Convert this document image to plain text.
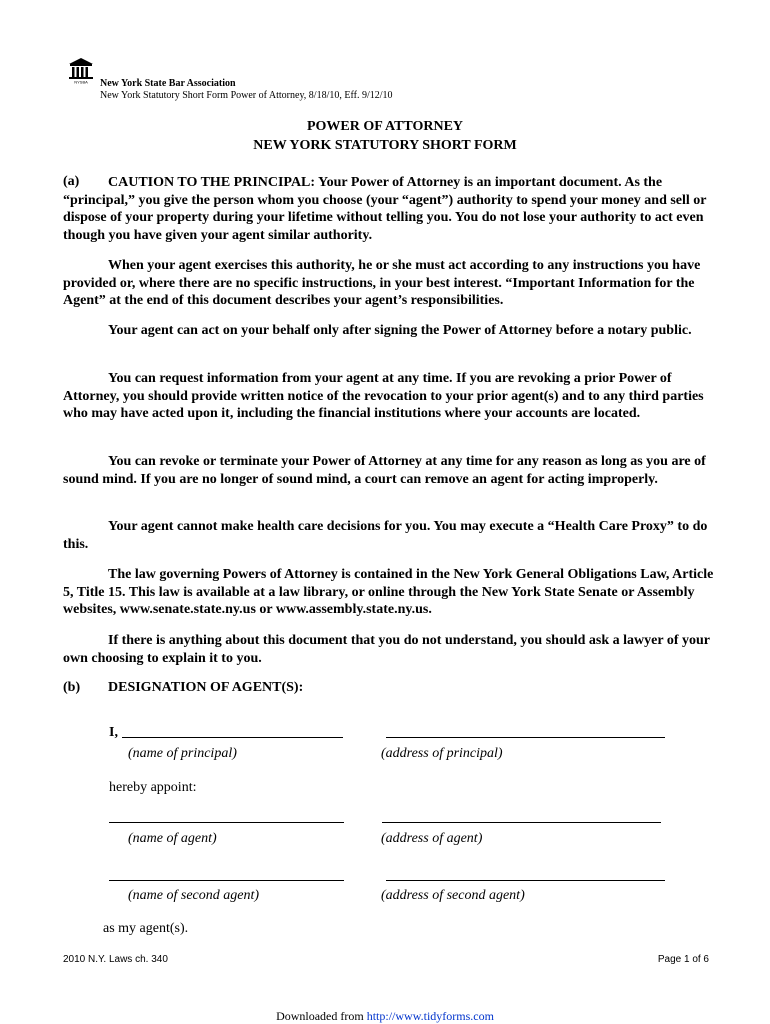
NYSBA New York State Bar Association
New York Statutory Short Form Power of Attorney, 8/18/10, Eff. 9/12/10
POWER OF ATTORNEY
NEW YORK STATUTORY SHORT FORM
(a)	CAUTION TO THE PRINCIPAL: Your Power of Attorney is an important document. As the “principal,” you give the person whom you choose (your “agent”) authority to spend your money and sell or dispose of your property during your lifetime without telling you. You do not lose your authority to act even though you have given your agent similar authority.
When your agent exercises this authority, he or she must act according to any instructions you have provided or, where there are no specific instructions, in your best interest. “Important Information for the Agent” at the end of this document describes your agent’s responsibilities.
Your agent can act on your behalf only after signing the Power of Attorney before a notary public.
You can request information from your agent at any time. If you are revoking a prior Power of Attorney, you should provide written notice of the revocation to your prior agent(s) and to any third parties who may have acted upon it, including the financial institutions where your accounts are located.
You can revoke or terminate your Power of Attorney at any time for any reason as long as you are of sound mind. If you are no longer of sound mind, a court can remove an agent for acting improperly.
Your agent cannot make health care decisions for you. You may execute a “Health Care Proxy” to do this.
The law governing Powers of Attorney is contained in the New York General Obligations Law, Article 5, Title 15. This law is available at a law library, or online through the New York State Senate or Assembly websites, www.senate.state.ny.us or www.assembly.state.ny.us.
If there is anything about this document that you do not understand, you should ask a lawyer of your own choosing to explain it to you.
(b) DESIGNATION OF AGENT(S):
I,
(name of principal)	(address of principal)
hereby appoint:
(name of agent)	(address of agent)
(name of second agent)	(address of second agent)
as my agent(s).
2010 N.Y. Laws ch. 340	Page 1 of 6
Downloaded from http://www.tidyforms.com
